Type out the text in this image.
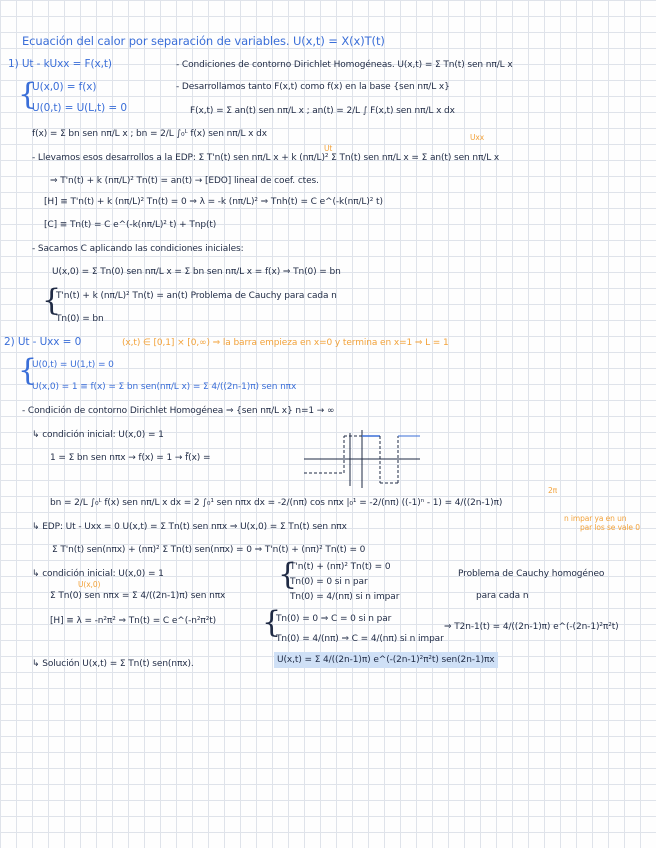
Ecuación del calor por separación de variables. U(x,t) = X(x)T(t)
1) Ut - kUxx = F(x,t)	- Condiciones de contorno Dirichlet Homogéneas. U(x,t) = Σ Tn(t) sen nπ/L x
- Desarrollamos tanto F(x,t) como f(x) en la base {sen nπ/L x}
{
U(x,0) = f(x)
U(0,t) = U(L,t) = 0	F(x,t) = Σ an(t) sen nπ/L x ; an(t) = 2/L ∫ F(x,t) sen nπ/L x dx
f(x) = Σ bn sen nπ/L x ; bn = 2/L ∫₀ᴸ f(x) sen nπ/L x dx
Ut
Uxx
- Llevamos esos desarrollos a la EDP: Σ T'n(t) sen nπ/L x + k (nπ/L)² Σ Tn(t) sen nπ/L x = Σ an(t) sen nπ/L x
⇒ T'n(t) + k (nπ/L)² Tn(t) = an(t) → [EDO] lineal de coef. ctes.
[H] ≡ T'n(t) + k (nπ/L)² Tn(t) = 0 ⇒ λ = -k (nπ/L)² ⇒ Tnh(t) = C e^(-k(nπ/L)² t)
[C] ≡ Tn(t) = C e^(-k(nπ/L)² t) + Tnp(t)
- Sacamos C aplicando las condiciones iniciales:
U(x,0) = Σ Tn(0) sen nπ/L x = Σ bn sen nπ/L x = f(x) ⇒ Tn(0) = bn
{
T'n(t) + k (nπ/L)² Tn(t) = an(t) Problema de Cauchy para cada n
Tn(0) = bn
2) Ut - Uxx = 0	(x,t) ∈ [0,1] × [0,∞) ⇒ la barra empieza en x=0 y termina en x=1 ⇒ L = 1
{
U(0,t) = U(1,t) = 0
U(x,0) = 1 ≡ f(x) = Σ bn sen(nπ/L x) = Σ 4/((2n-1)π) sen nπx
- Condición de contorno Dirichlet Homogénea ⇒ {sen nπ/L x} n=1 → ∞
↳ condición inicial: U(x,0) = 1
1 = Σ bn sen nπx → f(x) = 1 → f̃(x) =
2π
bn = 2/L ∫₀ᴸ f(x) sen nπ/L x dx = 2 ∫₀¹ sen nπx dx = -2/(nπ) cos nπx |₀¹ = -2/(nπ) ((-1)ⁿ - 1) = 4/((2n-1)π)
n impar ya en un
par los se vale 0
↳ EDP: Ut - Uxx = 0 U(x,t) = Σ Tn(t) sen nπx ⇒ U(x,0) = Σ Tn(t) sen nπx
Σ T'n(t) sen(nπx) + (nπ)² Σ Tn(t) sen(nπx) = 0 ⇒ T'n(t) + (nπ)² Tn(t) = 0
↳ condición inicial: U(x,0) = 1	{
T'n(t) + (nπ)² Tn(t) = 0
Problema de Cauchy homogéneo
U(x,0)
Σ Tn(0) sen nπx = Σ 4/((2n-1)π) sen nπx
Tn(0) = 0 si n par
para cada n
Tn(0) = 4/(nπ) si n impar
[H] ≡ λ = -n²π² ⇒ Tn(t) = C e^(-n²π²t) {
Tn(0) = 0 ⇒ C = 0 si n par
⇒ T2n-1(t) = 4/((2n-1)π) e^(-(2n-1)²π²t)
Tn(0) = 4/(nπ) ⇒ C = 4/(nπ) si n impar
↳ Solución U(x,t) = Σ Tn(t) sen(nπx).	U(x,t) = Σ 4/((2n-1)π) e^(-(2n-1)²π²t) sen(2n-1)πx
